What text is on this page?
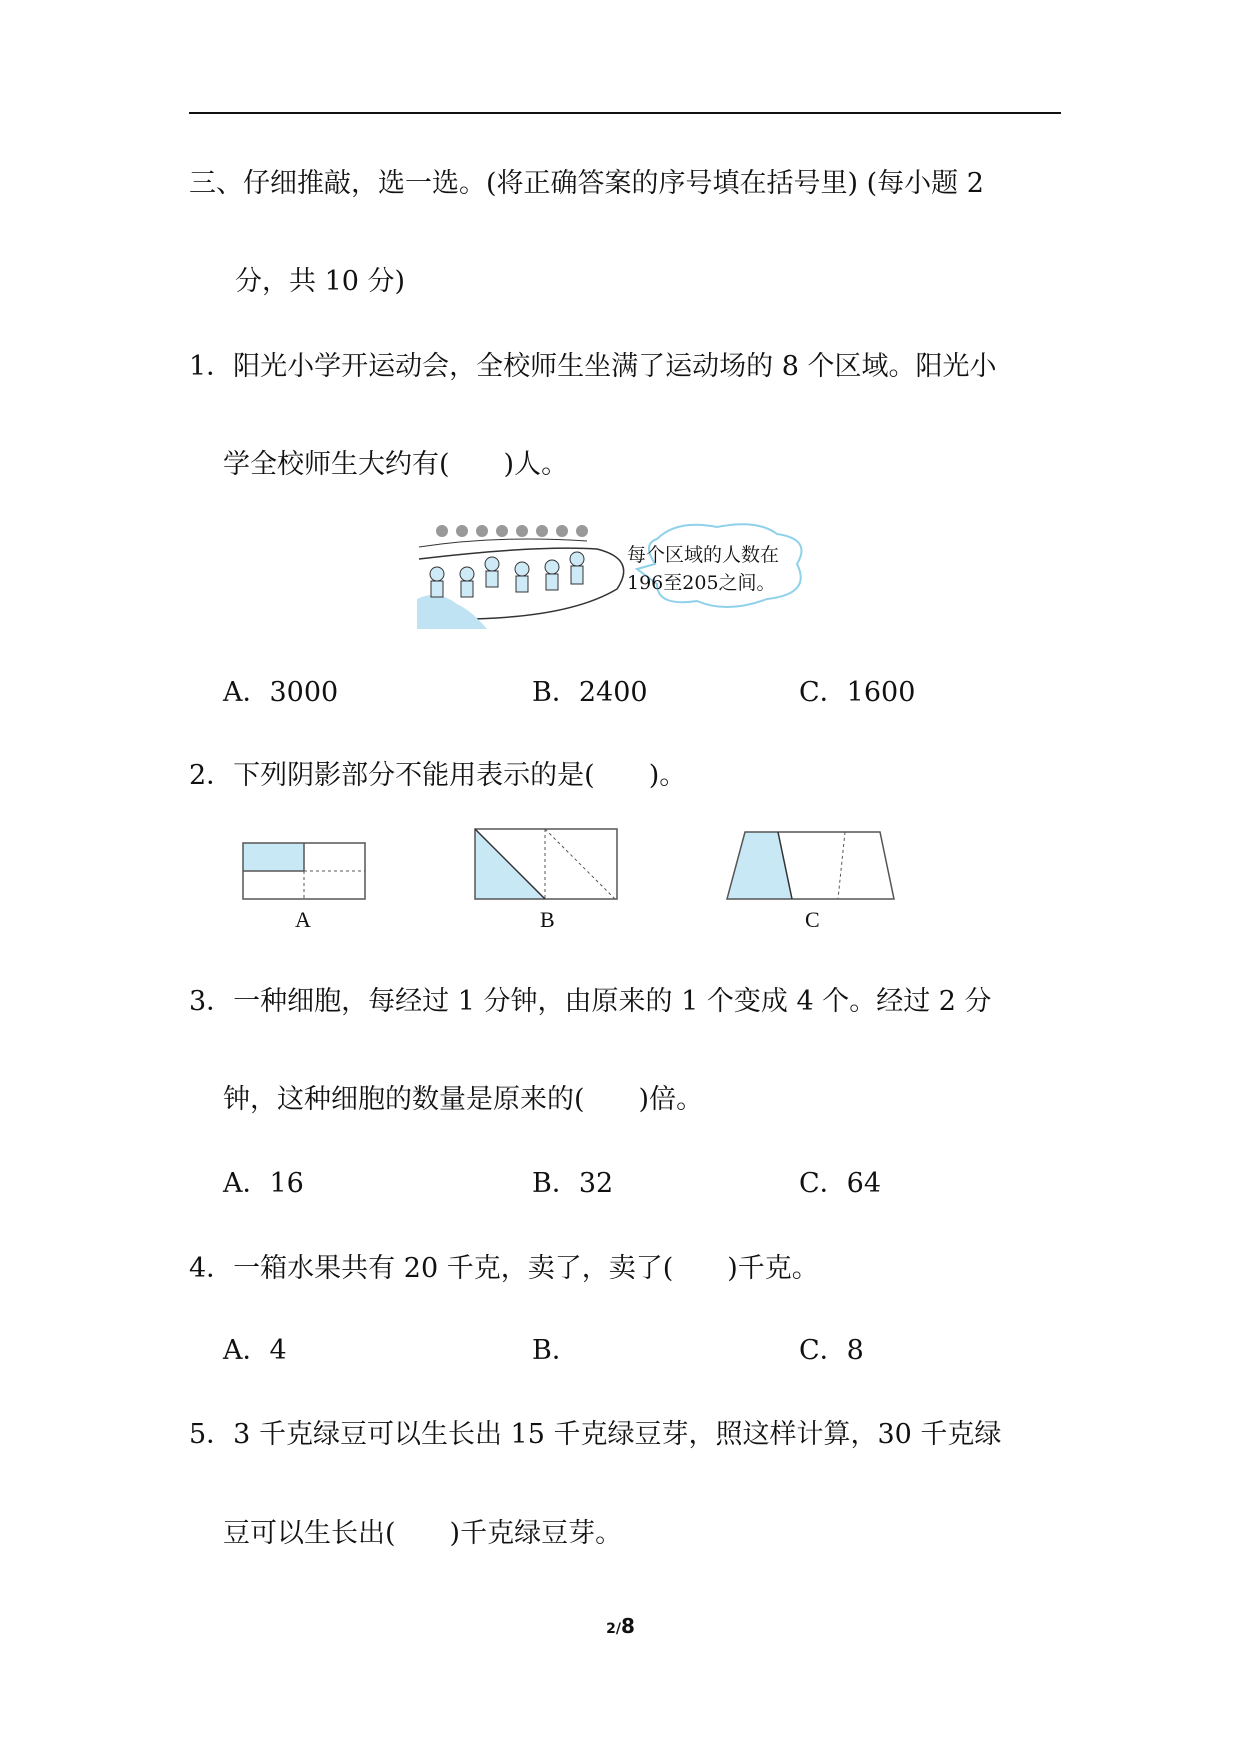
三、仔细推敲，选一选。(将正确答案的序号填在括号里) (每小题 2
分，共 10 分)
1．阳光小学开运动会，全校师生坐满了运动场的 8 个区域。阳光小
学全校师生大约有(　　)人。
每个区域的人数在
196至205之间。
A．3000	B．2400	C．1600
2．下列阴影部分不能用表示的是(　　)。
A	B	C
3．一种细胞，每经过 1 分钟，由原来的 1 个变成 4 个。经过 2 分
钟，这种细胞的数量是原来的(　　)倍。
A．16	B．32	C．64
4．一箱水果共有 20 千克，卖了，卖了(　　)千克。
A．4	B．	C．8
5．3 千克绿豆可以生长出 15 千克绿豆芽，照这样计算，30 千克绿
豆可以生长出(　　)千克绿豆芽。
2/8
